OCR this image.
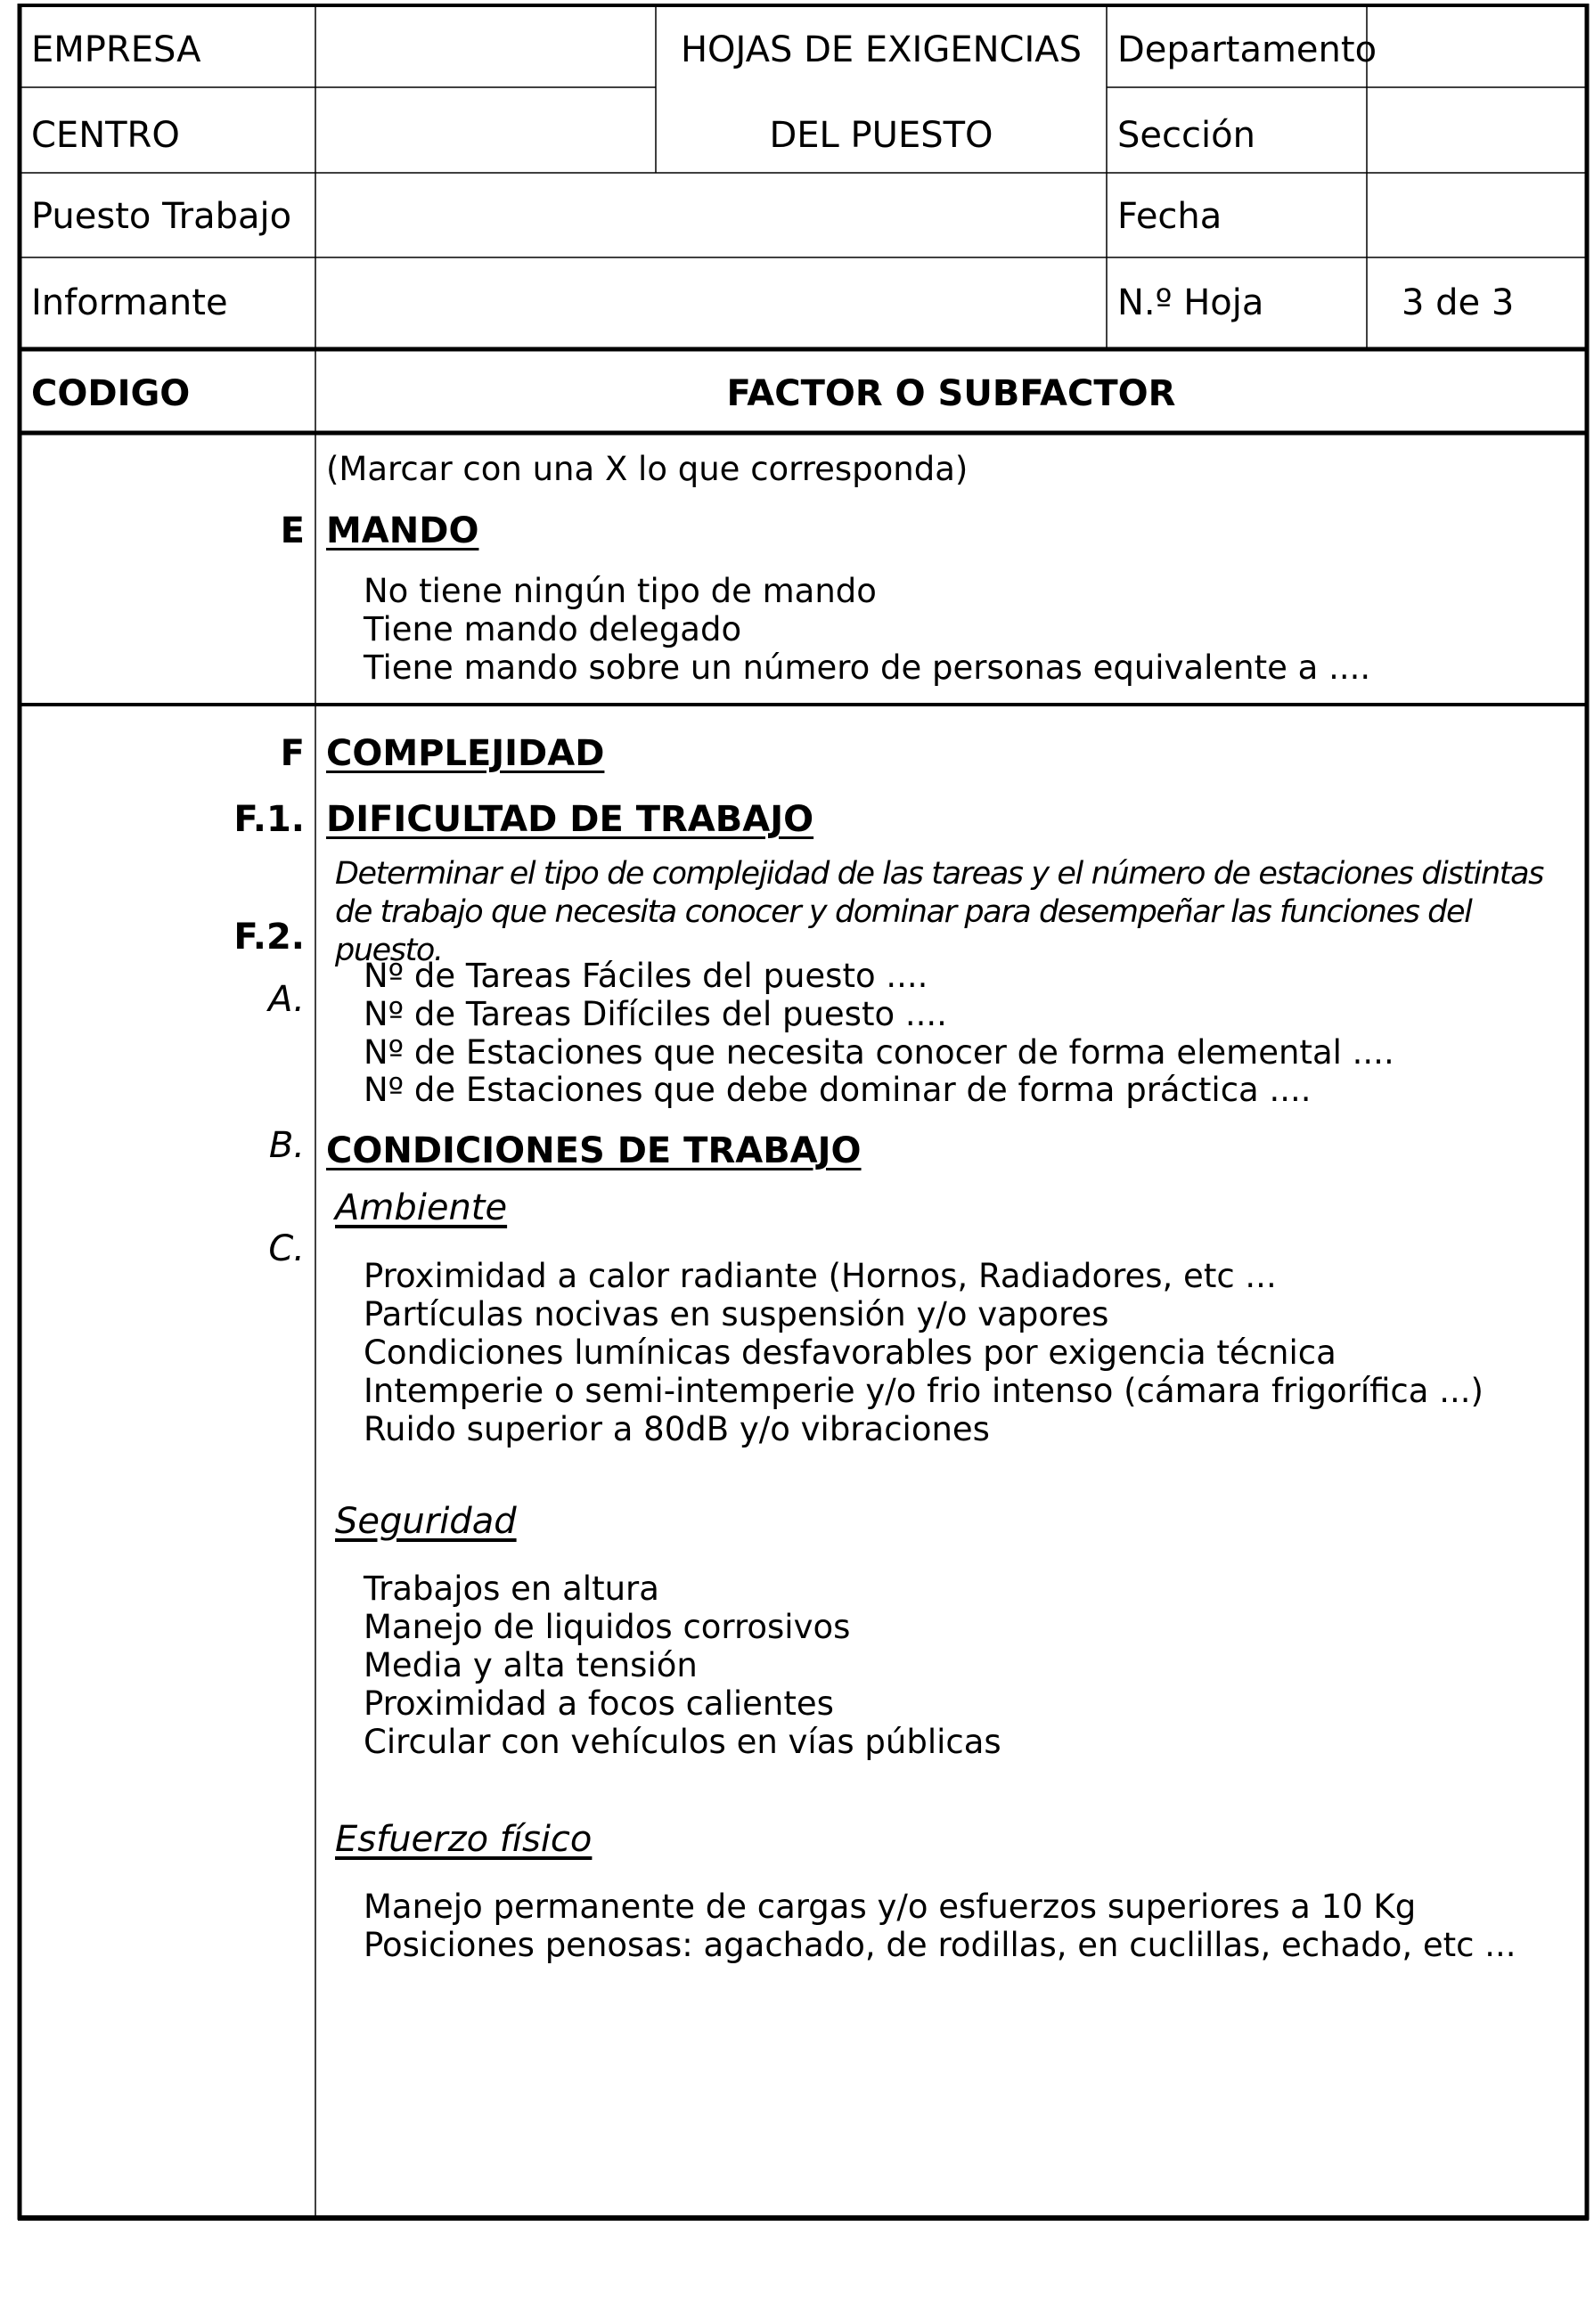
EMPRESA
CENTRO
Puesto Trabajo
Informante
HOJAS DE EXIGENCIAS
DEL PUESTO
Departamento
Sección
Fecha
N.º Hoja	3 de 3
CODIGO	FACTOR O SUBFACTOR
(Marcar con una X lo que corresponda)
E MANDO
No tiene ningún tipo de mando
Tiene mando delegado
Tiene mando sobre un número de personas equivalente a ....
F COMPLEJIDAD
F.1. DIFICULTAD DE TRABAJO
Determinar el tipo de complejidad de las tareas y el número de estaciones distintas de trabajo que necesita conocer y dominar para desempeñar las funciones del puesto.
F.2.
Nº de Tareas Fáciles del puesto ....
Nº de Tareas Difíciles del puesto ....
Nº de Estaciones que necesita conocer de forma elemental ....
Nº de Estaciones que debe dominar de forma práctica ....
A.
B.
C.
CONDICIONES DE TRABAJO
Ambiente
Proximidad a calor radiante (Hornos, Radiadores, etc ...
Partículas nocivas en suspensión y/o vapores
Condiciones lumínicas desfavorables por exigencia técnica
Intemperie o semi-intemperie y/o frio intenso (cámara frigorífica ...)
Ruido superior a 80dB y/o vibraciones
Seguridad
Trabajos en altura
Manejo de liquidos corrosivos
Media y alta tensión
Proximidad a focos calientes
Circular con vehículos en vías públicas
Esfuerzo físico
Manejo permanente de cargas y/o esfuerzos superiores a 10 Kg
Posiciones penosas: agachado, de rodillas, en cuclillas, echado, etc ...
